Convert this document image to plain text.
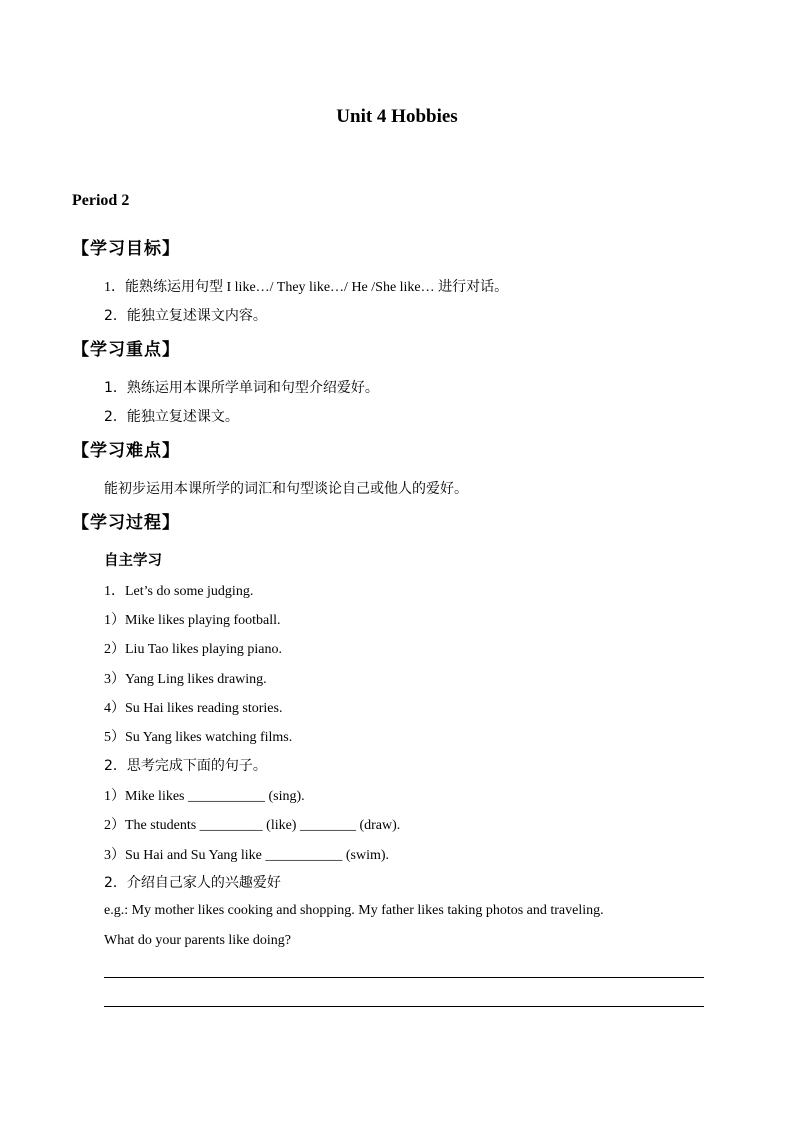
Unit 4 Hobbies
Period 2
【学习目标】
1．能熟练运用句型 I like…/ They like…/ He /She like… 进行对话。
2．能独立复述课文内容。
【学习重点】
1．熟练运用本课所学单词和句型介绍爱好。
2．能独立复述课文。
【学习难点】
能初步运用本课所学的词汇和句型谈论自己或他人的爱好。
【学习过程】
自主学习
1．Let’s do some judging.
1）Mike likes playing football.
2）Liu Tao likes playing piano.
3）Yang Ling likes drawing.
4）Su Hai likes reading stories.
5）Su Yang likes watching films.
2．思考完成下面的句子。
1）Mike likes ___________ (sing).
2）The students _________ (like) ________ (draw).
3）Su Hai and Su Yang like ___________ (swim).
2．介绍自己家人的兴趣爱好
e.g.: My mother likes cooking and shopping. My father likes taking photos and traveling.
What do your parents like doing?
